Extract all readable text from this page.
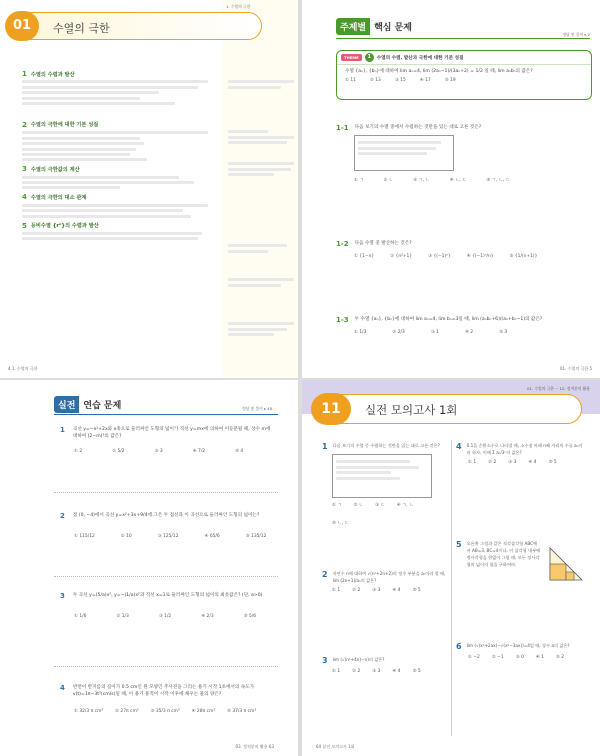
1. 수열의 극한
01	수열의 극한
1 수열의 수렴과 발산
2 수열의 극한에 대한 기본 성질
3 수열의 극한값의 계산
4 수열의 극한의 대소 관계
5 등비수열 {rⁿ}의 수렴과 발산
4 1. 수열의 극한
정답 및 풀이 ▸ 2
주제별 핵심 문제
THEME	1	수열의 수렴, 발산과 극한에 대한 기본 성질
수열 {aₙ}, {bₙ}에 대하여 lim aₙ=4, lim (2aₙ−1)/(3aₙ+2) = 1/2 일 때, lim aₙbₙ의 값은?
① 11	② 13	③ 15	④ 17	⑤ 19
1-1 다음 보기의 수열 중에서 수렴하는 것만을 있는 대로 고른 것은?
① ㄱ	② ㄴ	③ ㄱ, ㄴ	④ ㄴ, ㄷ	⑤ ㄱ, ㄴ, ㄷ
1-2 다음 수열 중 발산하는 것은?
① {1−n}	② {n²+1}	③ {(−1)ⁿ}	④ {(−1)ⁿ/n}	⑤ {1/(n+1)}
1-3 두 수열 {aₙ}, {bₙ}에 대하여 lim aₙ=4, lim bₙ=3일 때, lim (aₙbₙ+6)/(aₙ+bₙ−1)의 값은?
① 1/3	② 2/3	③ 1	④ 2	⑤ 3
01. 수열의 극한 5
실전 연습 문제	정답 및 풀이 ▸ 48
1 곡선 y=−x²+2x와 x축으로 둘러싸인 도형의 넓이가 직선 y=mx에 의하여 이등분될 때, 상수 m에 대하여 (2−m)³의 값은?
① 2	② 5/2	③ 3	④ 7/2	⑤ 4
2 점 (0, −4)에서 곡선 y=x²+3x+9/4에 그은 두 접선과 이 곡선으로 둘러싸인 도형의 넓이는?
① 115/12	② 10	③ 125/12	④ 65/6	⑤ 135/12
3 두 곡선 y=(5/a)x², y=−(1/a)x²과 직선 x=1로 둘러싸인 도형의 넓이의 최솟값은? (단, a>0)
① 1/6	② 1/3	③ 1/2	④ 2/3	⑤ 5/6
4 반면이 반지름의 길이가 0.5 cm인 원 모양인 주사전을 그리는 용기 시작 1초에서의 속도가 v(t)=1π−3t²(cm/s)일 때, 이 용기 용적이 시작 이후에 채우는 물의 양은?
① 32/3 π cm³	② 27π cm³	③ 35/3 π cm³	④ 28π cm³	⑤ 37/3 π cm³
03. 정적분의 활용 63
01. 수열의 극한 ~ 10. 정적분의 활용
11	실전 모의고사 1회
1 다음 보기의 수열 중 수렴하는 것만을 있는 대로 고른 것은?
① ㄱ	② ㄴ	③ ㄷ	④ ㄱ, ㄴ
⑤ ㄴ, ㄷ
2 자연수 n에 대하여 √(n²+2n+2)의 정수 부분을 aₙ이라 할 때, lim (2n+1)/aₙ의 값은?
① 1	② 2	③ 3	④ 4	⑤ 5
3 lim (√(n²+4n)−n)의 값은?
① 1	② 2	③ 3	④ 4	⑤ 5
4 0.1을 순환소수로 나타낼 때, 소수점 아래 n째 자리의 수를 aₙ이라 하자. 이때 Σ aₙ/3ⁿ의 값은?
① 1	② 2	③ 3	④ 4	⑤ 5
5 오른쪽 그림과 같은 직각삼각형 ABC에서 AB=3, BC=4이다. 이 삼각형 내부에 정사각형을 한없이 그릴 때, 모든 정사각형의 넓이의 합을 구하여라.
6 lim (√(x²+2ax)−√(x²−3ax))=4일 때, 상수 a의 값은?
① −2	② −1	③ 0	④ 1	⑤ 2
64 실전 모의고사 1회
